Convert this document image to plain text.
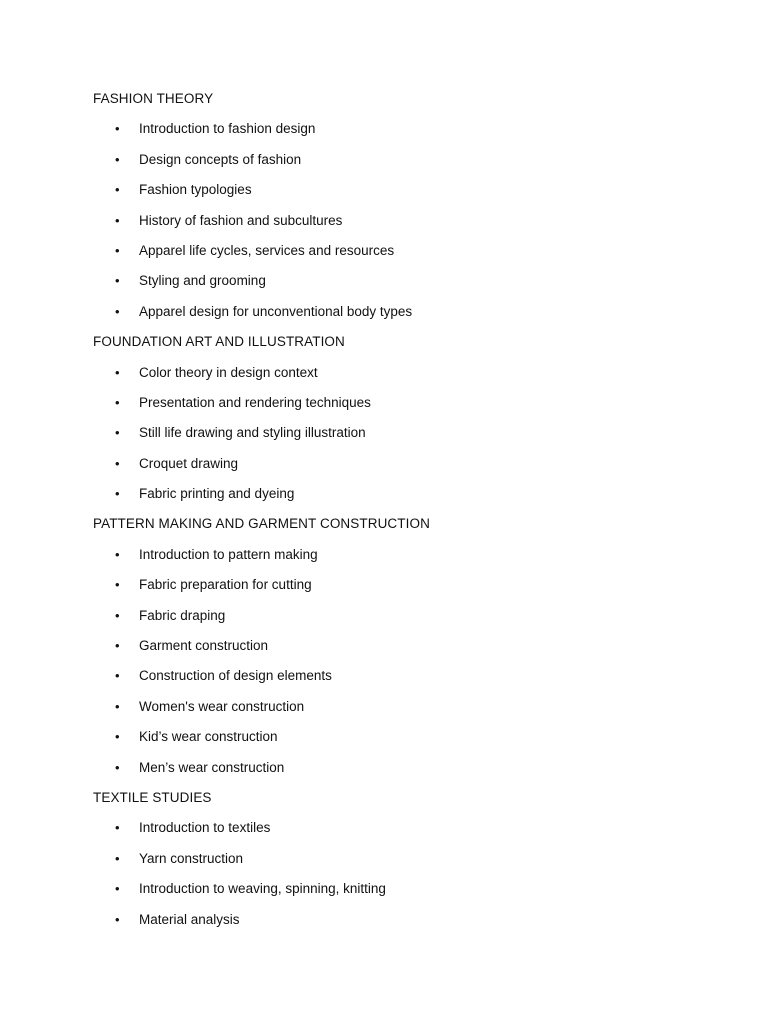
FASHION THEORY
• Introduction to fashion design
• Design concepts of fashion
• Fashion typologies
• History of fashion and subcultures
• Apparel life cycles, services and resources
• Styling and grooming
• Apparel design for unconventional body types
FOUNDATION ART AND ILLUSTRATION
• Color theory in design context
• Presentation and rendering techniques
• Still life drawing and styling illustration
• Croquet drawing
• Fabric printing and dyeing
PATTERN MAKING AND GARMENT CONSTRUCTION
• Introduction to pattern making
• Fabric preparation for cutting
• Fabric draping
• Garment construction
• Construction of design elements
• Women's wear construction
• Kid’s wear construction
• Men’s wear construction
TEXTILE STUDIES
• Introduction to textiles
• Yarn construction
• Introduction to weaving, spinning, knitting
• Material analysis
